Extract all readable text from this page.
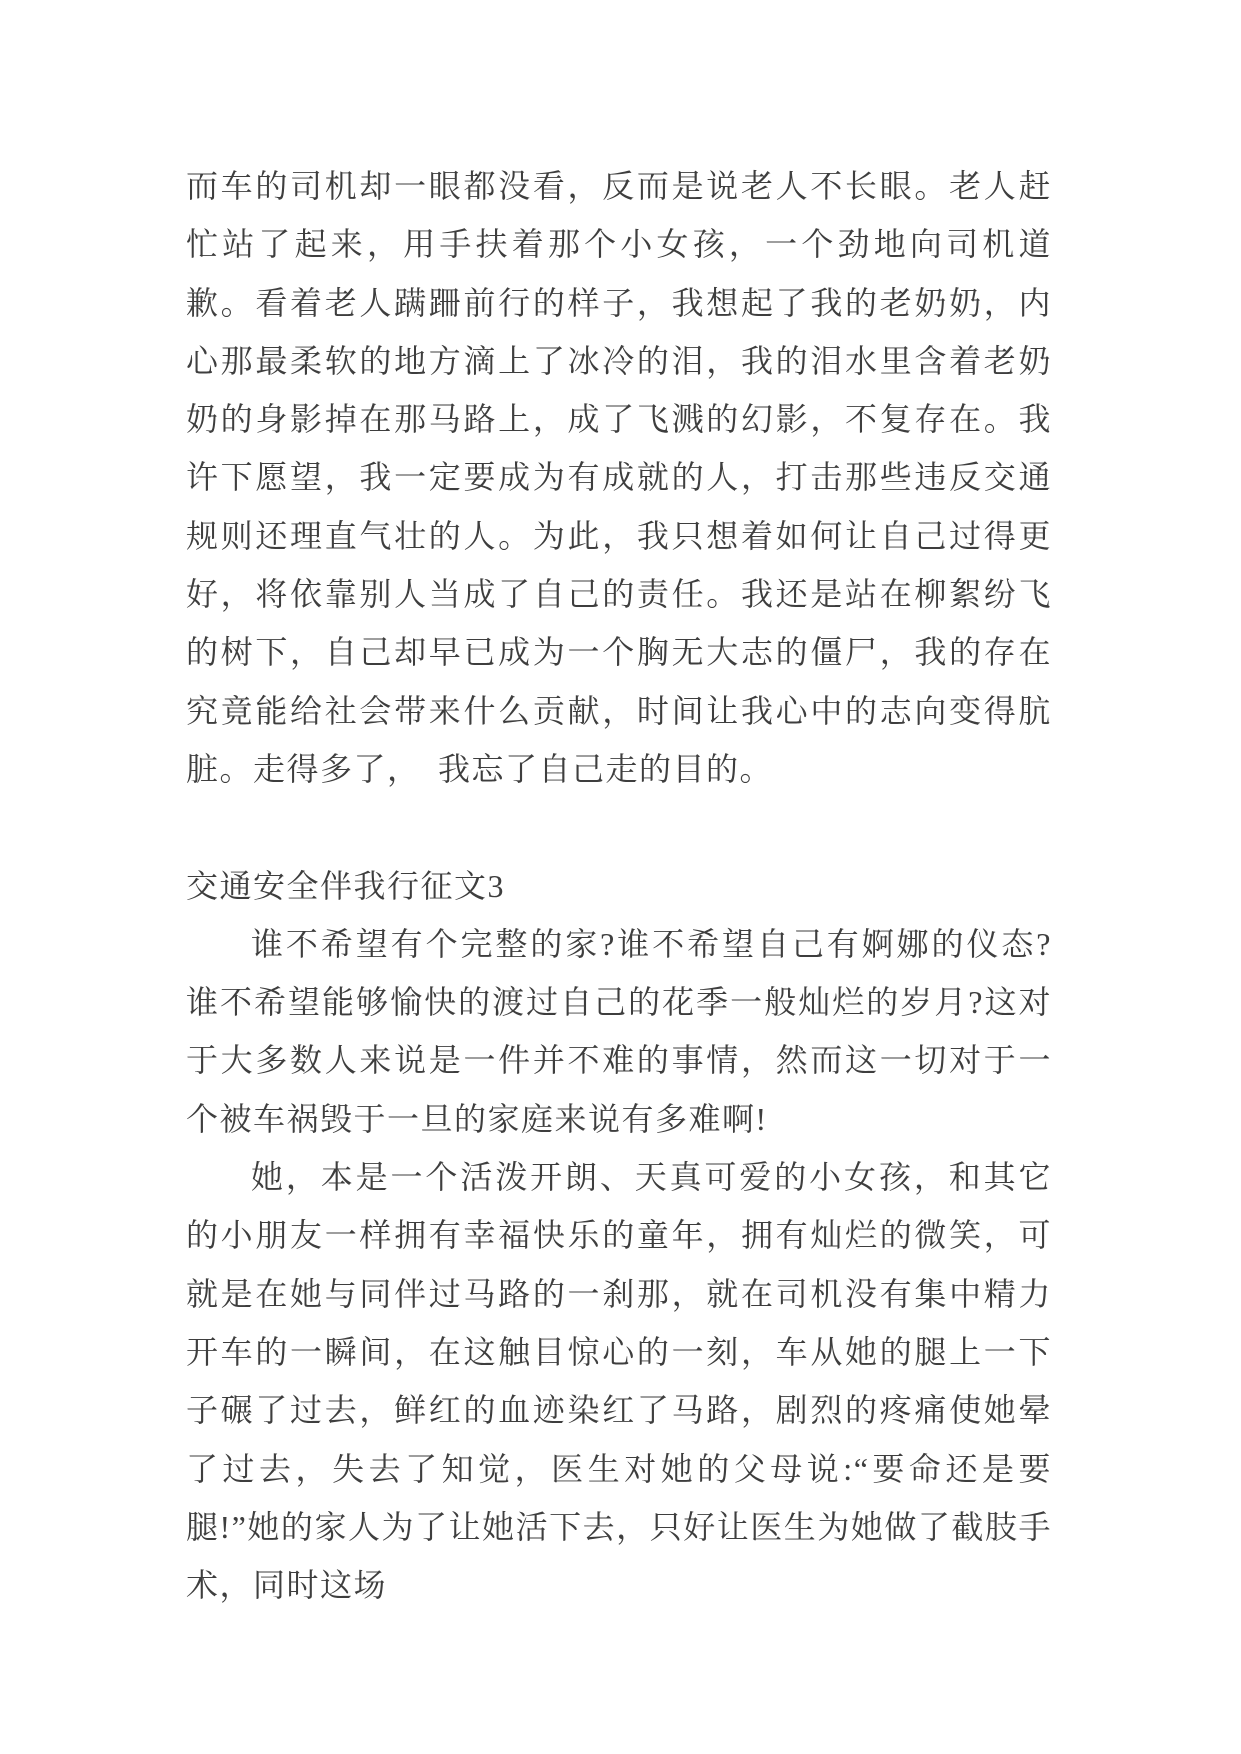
而车的司机却一眼都没看，反而是说老人不长眼。老人赶忙站了起来，用手扶着那个小女孩，一个劲地向司机道歉。看着老人蹒跚前行的样子，我想起了我的老奶奶，内心那最柔软的地方滴上了冰冷的泪，我的泪水里含着老奶奶的身影掉在那马路上，成了飞溅的幻影，不复存在。我许下愿望，我一定要成为有成就的人，打击那些违反交通规则还理直气壮的人。为此，我只想着如何让自己过得更好，将依靠别人当成了自己的责任。我还是站在柳絮纷飞的树下，自己却早已成为一个胸无大志的僵尸，我的存在究竟能给社会带来什么贡献，时间让我心中的志向变得肮脏。走得多了，　我忘了自己走的目的。

交通安全伴我行征文3

谁不希望有个完整的家?谁不希望自己有婀娜的仪态?谁不希望能够愉快的渡过自己的花季一般灿烂的岁月?这对于大多数人来说是一件并不难的事情，然而这一切对于一个被车祸毁于一旦的家庭来说有多难啊!

她，本是一个活泼开朗、天真可爱的小女孩，和其它的小朋友一样拥有幸福快乐的童年，拥有灿烂的微笑，可就是在她与同伴过马路的一刹那，就在司机没有集中精力开车的一瞬间，在这触目惊心的一刻，车从她的腿上一下子碾了过去，鲜红的血迹染红了马路，剧烈的疼痛使她晕了过去，失去了知觉，医生对她的父母说:“要命还是要腿!”她的家人为了让她活下去，只好让医生为她做了截肢手术，同时这场
